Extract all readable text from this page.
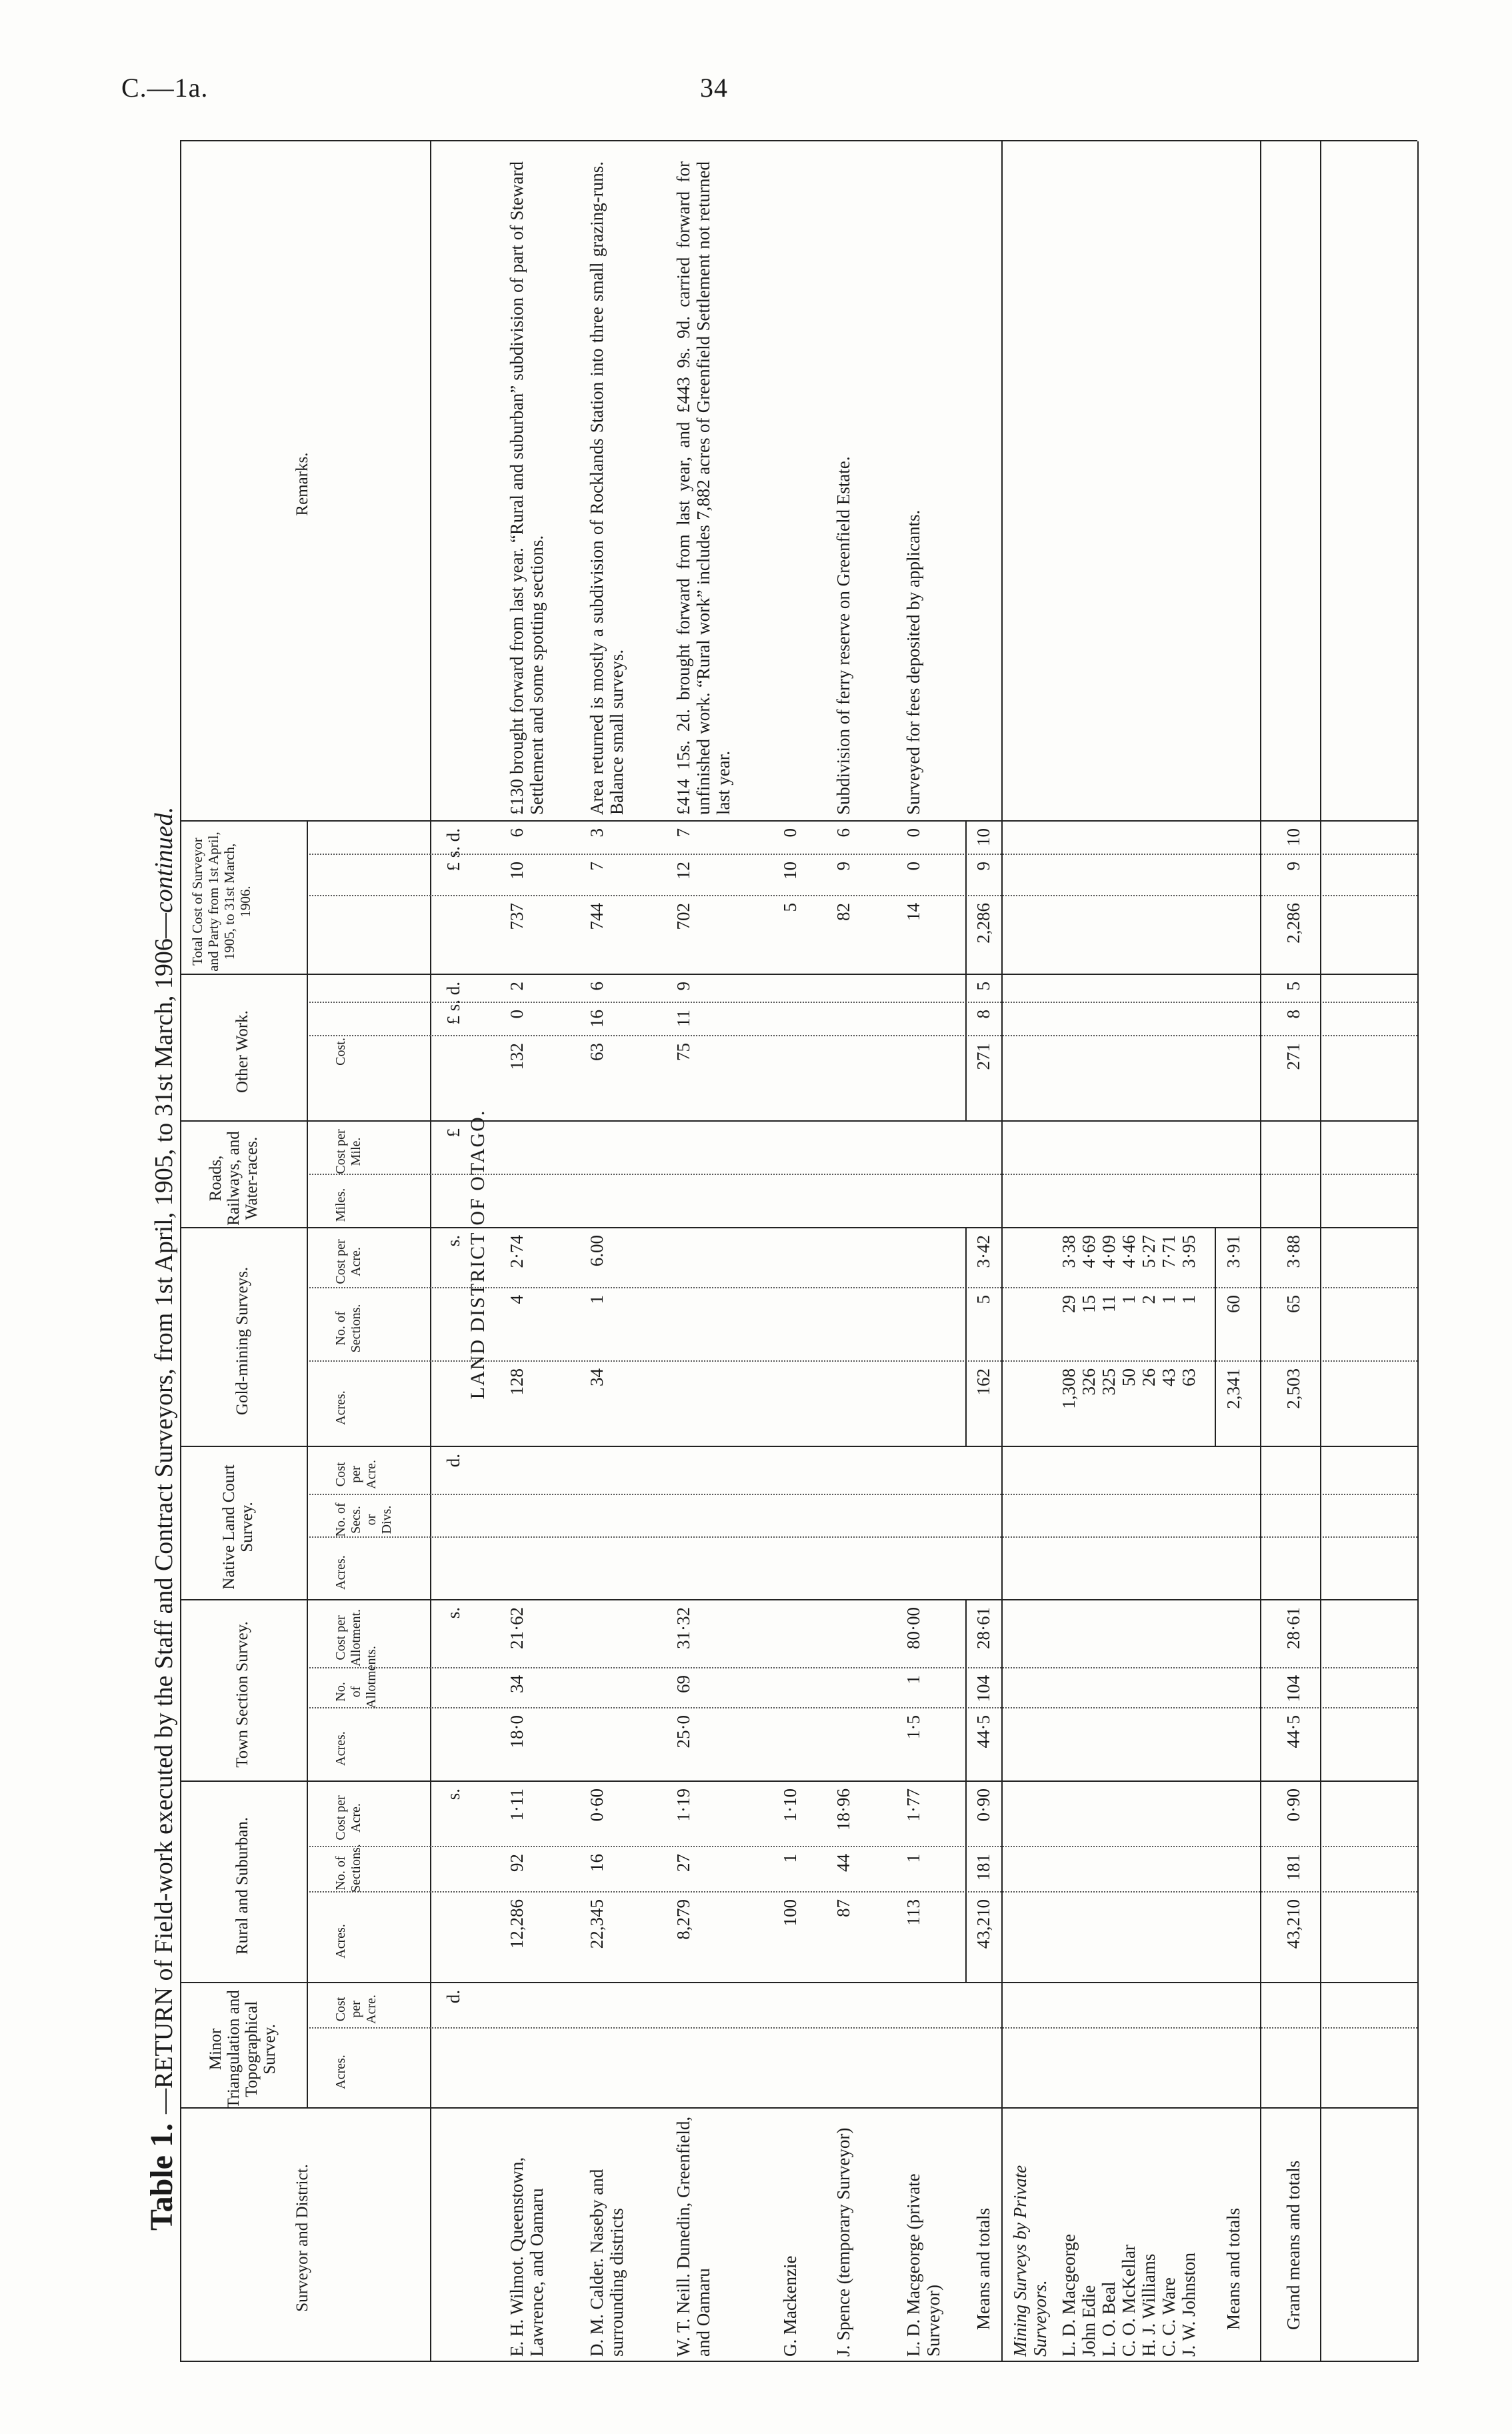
C.—1a.	34
Table 1.—RETURN of Field-work executed by the Staff and Contract Surveyors, from 1st April, 1905, to 31st March, 1906—continued.
Surveyor and District.
Minor Triangulation and Topographical Survey.
Rural and Suburban.
Town Section Survey.
Native Land Court Survey.
Gold-mining Surveys.
Roads, Railways, and Water-races.
Other Work.
Total Cost of Surveyor and Party from 1st April, 1905, to 31st March, 1906.
Remarks.
Acres.
Cost per Acre.
Acres.
No. of Sections.
Cost per Acre.
Acres.
No. of Allotments.
Cost per Allotment.
Acres.
No. of Secs. or Divs.
Cost per Acre.
Acres.
No. of Sections.
Cost per Acre.
Miles.
Cost per Mile.
Cost.
d.
s.
s.
d.
s.
£
£ s. d.
£ s. d.
LAND DISTRICT OF OTAGO.
E. H. Wilmot. Queenstown, Lawrence, and Oamaru
12,286
92
1·11
18·0
34
21·62
128
4
2·74
132
0
2
737
10
6
£130 brought forward from last year. “Rural and suburban” subdivision of part of Steward Settlement and some spotting sections.
D. M. Calder. Naseby and surrounding districts
22,345
16
0·60
34
1
6.00
63
16
6
744
7
3
Area returned is mostly a subdivision of Rocklands Station into three small grazing-runs. Balance small surveys.
W. T. Neill. Dunedin, Greenfield, and Oamaru
8,279
27
1·19
25·0
69
31·32
75
11
9
702
12
7
£414 15s. 2d. brought forward from last year, and £443 9s. 9d. carried forward for unfinished work. “Rural work” includes 7,882 acres of Greenfield Settlement not returned last year.
G. Mackenzie
100
1
1·10
5
10
0
J. Spence (temporary Surveyor)
87
44
18·96
82
9
6
Subdivision of ferry reserve on Greenfield Estate.
L. D. Macgeorge (private Surveyor)
113
1
1·77
1·5
1
80·00
14
0
0
Surveyed for fees deposited by applicants.
Means and totals
43,210
181
0·90
44·5
104
28·61
162
5
3·42
271
8
5
2,286
9
10
Mining Surveys by Private Surveyors. L. D. Macgeorge
1,308
29
3·38
John Edie
326
15
4·69
L. O. Beal
325
11
4·09
C. O. McKellar
50
1
4·46
H. J. Williams
26
2
5·27
C. C. Ware
43
1
7·71
J. W. Johnston
63
1
3·95
Means and totals
2,341
60
3·91
Grand means and totals
43,210
181
0·90
44·5
104
28·61
2,503
65
3·88
271
8
5
2,286
9
10
